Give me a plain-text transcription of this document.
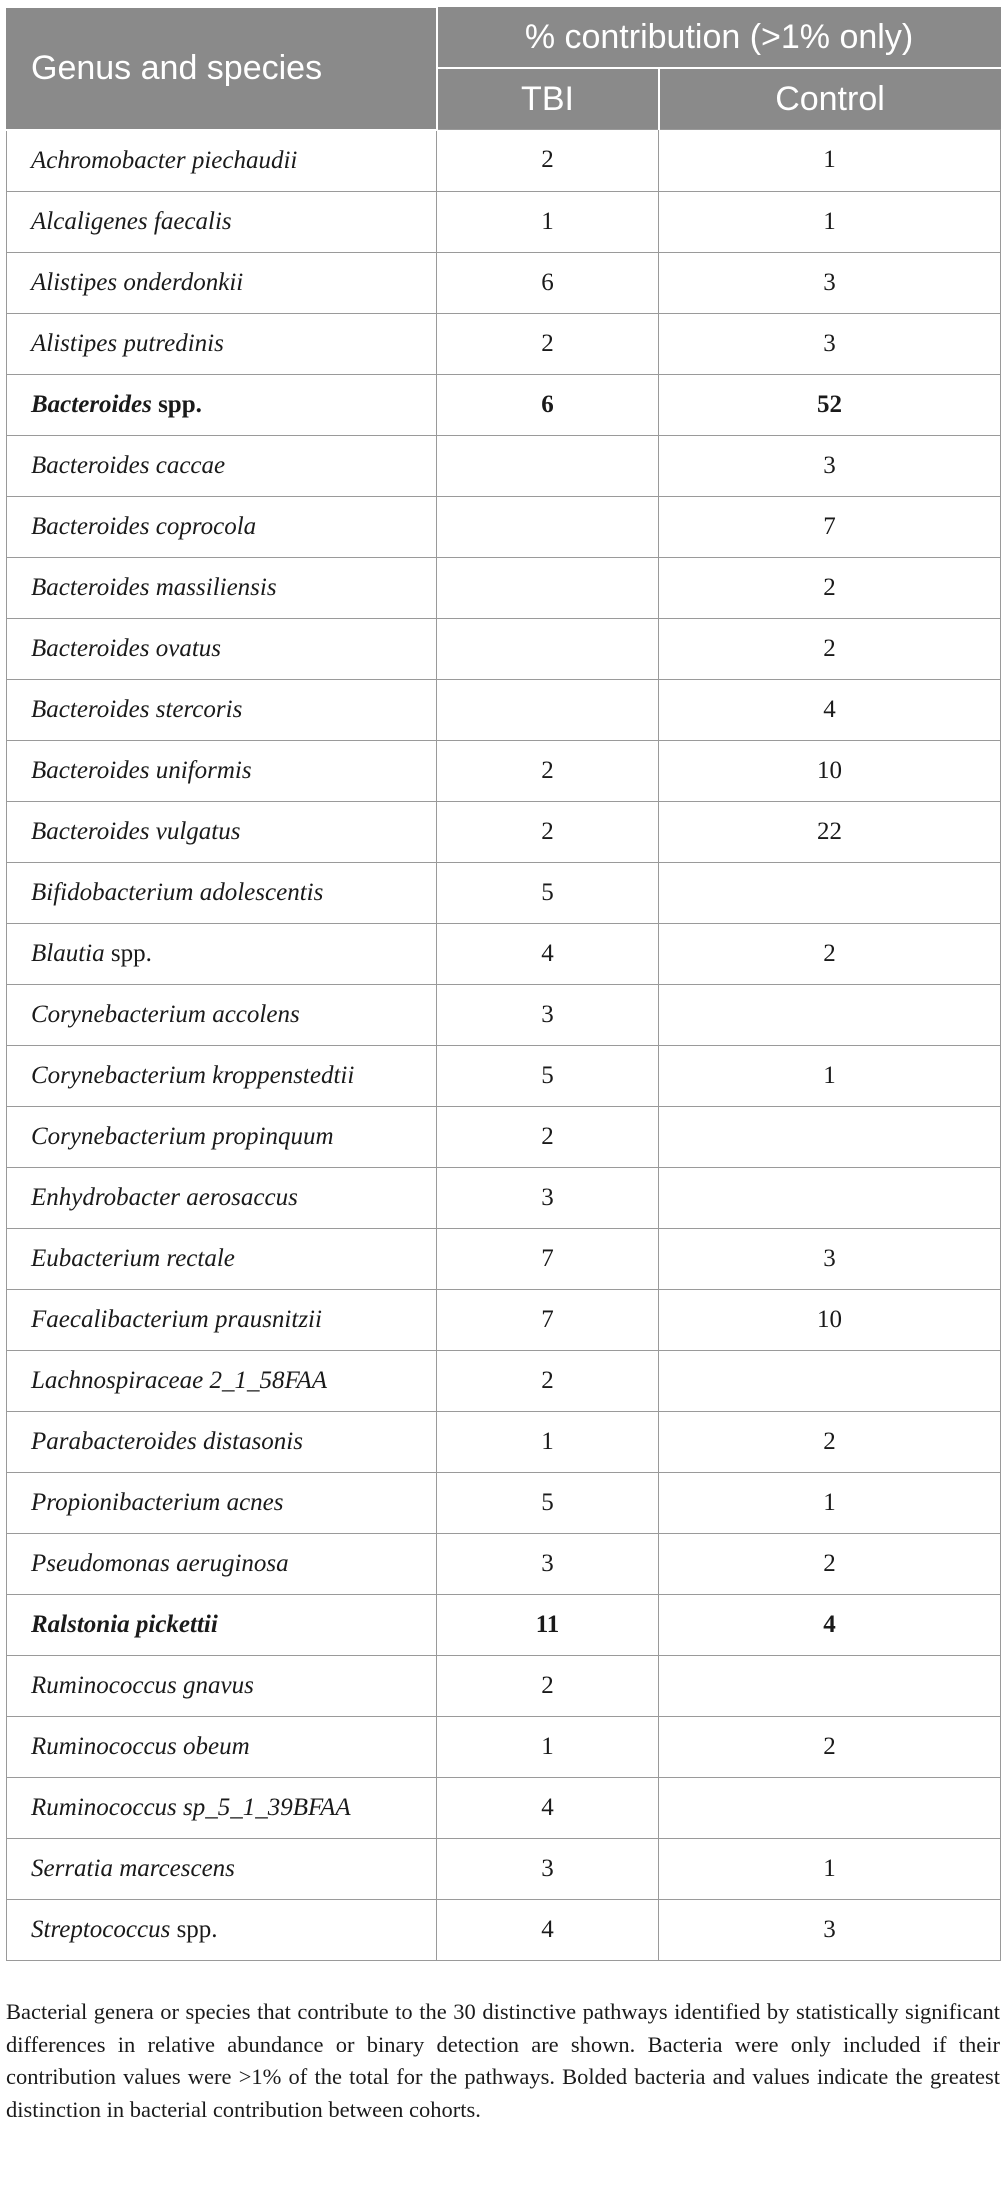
Genus and species	% contribution (>1% only)	
	TBI	Control
Achromobacter piechaudii	2	1
Alcaligenes faecalis	1	1
Alistipes onderdonkii	6	3
Alistipes putredinis	2	3
Bacteroides spp.	6	52
Bacteroides caccae		3
Bacteroides coprocola		7
Bacteroides massiliensis		2
Bacteroides ovatus		2
Bacteroides stercoris		4
Bacteroides uniformis	2	10
Bacteroides vulgatus	2	22
Bifidobacterium adolescentis	5	
Blautia spp.	4	2
Corynebacterium accolens	3	
Corynebacterium kroppenstedtii	5	1
Corynebacterium propinquum	2	
Enhydrobacter aerosaccus	3	
Eubacterium rectale	7	3
Faecalibacterium prausnitzii	7	10
Lachnospiraceae 2_1_58FAA	2	
Parabacteroides distasonis	1	2
Propionibacterium acnes	5	1
Pseudomonas aeruginosa	3	2
Ralstonia pickettii	11	4
Ruminococcus gnavus	2	
Ruminococcus obeum	1	2
Ruminococcus sp_5_1_39BFAA	4	
Serratia marcescens	3	1
Streptococcus spp.	4	3
Bacterial genera or species that contribute to the 30 distinctive pathways identified by statistically significant differences in relative abundance or binary detection are shown. Bacteria were only included if their contribution values were >1% of the total for the pathways. Bolded bacteria and values indicate the greatest distinction in bacterial contribution between cohorts.
